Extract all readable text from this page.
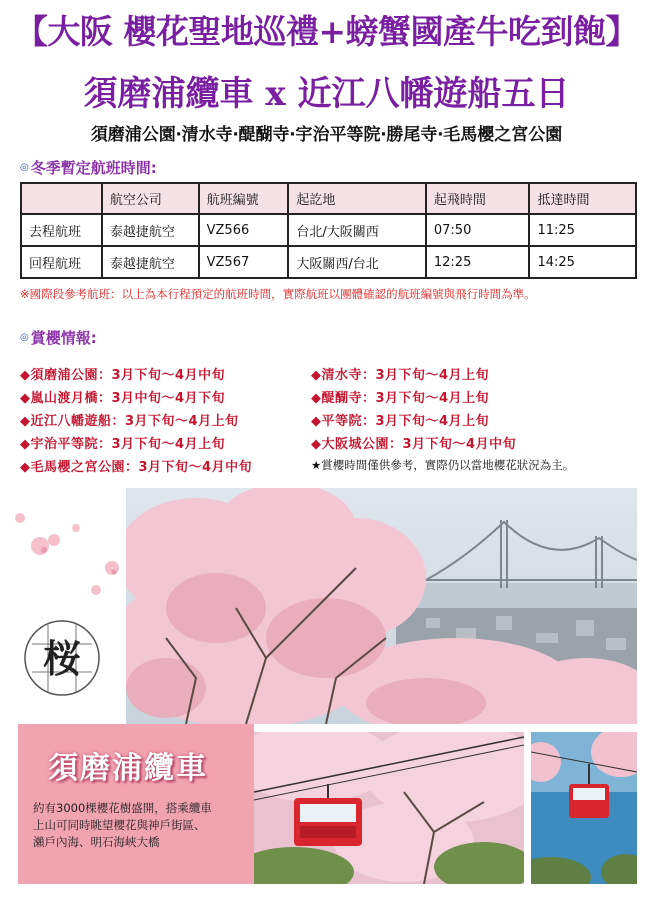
【大阪 櫻花聖地巡禮+螃蟹國產牛吃到飽】
須磨浦纜車 x 近江八幡遊船五日
須磨浦公園‧清水寺‧醍醐寺‧宇治平等院‧勝尾寺‧毛馬櫻之宮公園
◎ 冬季暫定航班時間:
	航空公司	航班編號	起訖地	起飛時間	抵達時間
去程航班	泰越捷航空	VZ566	台北/大阪關西	07:50	11:25
回程航班	泰越捷航空	VZ567	大阪關西/台北	12:25	14:25
※國際段參考航班：以上為本行程預定的航班時間，實際航班以團體確認的航班編號與飛行時間為準。
◎ 賞櫻情報:
◆須磨浦公園：3月下旬～4月中旬
◆嵐山渡月橋：3月中旬～4月下旬
◆近江八幡遊船：3月下旬～4月上旬
◆宇治平等院：3月下旬～4月上旬
◆毛馬櫻之宮公園：3月下旬～4月中旬
◆清水寺：3月下旬～4月上旬
◆醍醐寺：3月下旬～4月上旬
◆平等院：3月下旬～4月上旬
◆大阪城公園：3月下旬～4月中旬
★賞櫻時間僅供參考，實際仍以當地櫻花狀況為主。
桜
須磨浦纜車
約有3000棵櫻花樹盛開，搭乘纜車
上山可同時眺望櫻花與神戶街區、
瀨戶內海、明石海峽大橋
